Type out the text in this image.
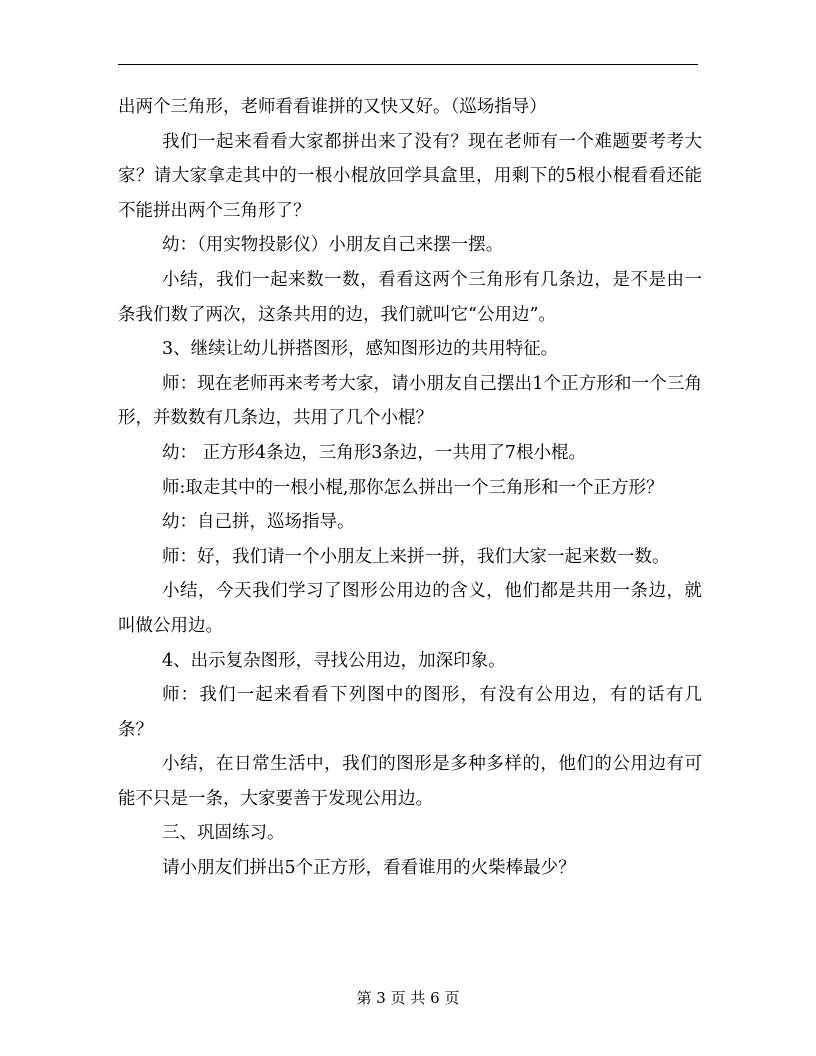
出两个三角形，老师看看谁拼的又快又好。（巡场指导）

我们一起来看看大家都拼出来了没有？现在老师有一个难题要考考大家？请大家拿走其中的一根小棍放回学具盒里，用剩下的5根小棍看看还能不能拼出两个三角形了？

幼：（用实物投影仪）小朋友自己来摆一摆。

小结，我们一起来数一数，看看这两个三角形有几条边，是不是由一条我们数了两次，这条共用的边，我们就叫它“公用边”。

3、继续让幼儿拼搭图形，感知图形边的共用特征。

师：现在老师再来考考大家，请小朋友自己摆出1个正方形和一个三角形，并数数有几条边，共用了几个小棍？

幼： 正方形4条边，三角形3条边，一共用了7根小棍。

师:取走其中的一根小棍,那你怎么拼出一个三角形和一个正方形？

幼：自己拼，巡场指导。

师：好，我们请一个小朋友上来拼一拼，我们大家一起来数一数。

小结，今天我们学习了图形公用边的含义，他们都是共用一条边，就叫做公用边。

4、出示复杂图形，寻找公用边，加深印象。

师：我们一起来看看下列图中的图形，有没有公用边，有的话有几条？

小结，在日常生活中，我们的图形是多种多样的，他们的公用边有可能不只是一条，大家要善于发现公用边。

三、巩固练习。

请小朋友们拼出5个正方形，看看谁用的火柴棒最少？

第 3 页 共 6 页
